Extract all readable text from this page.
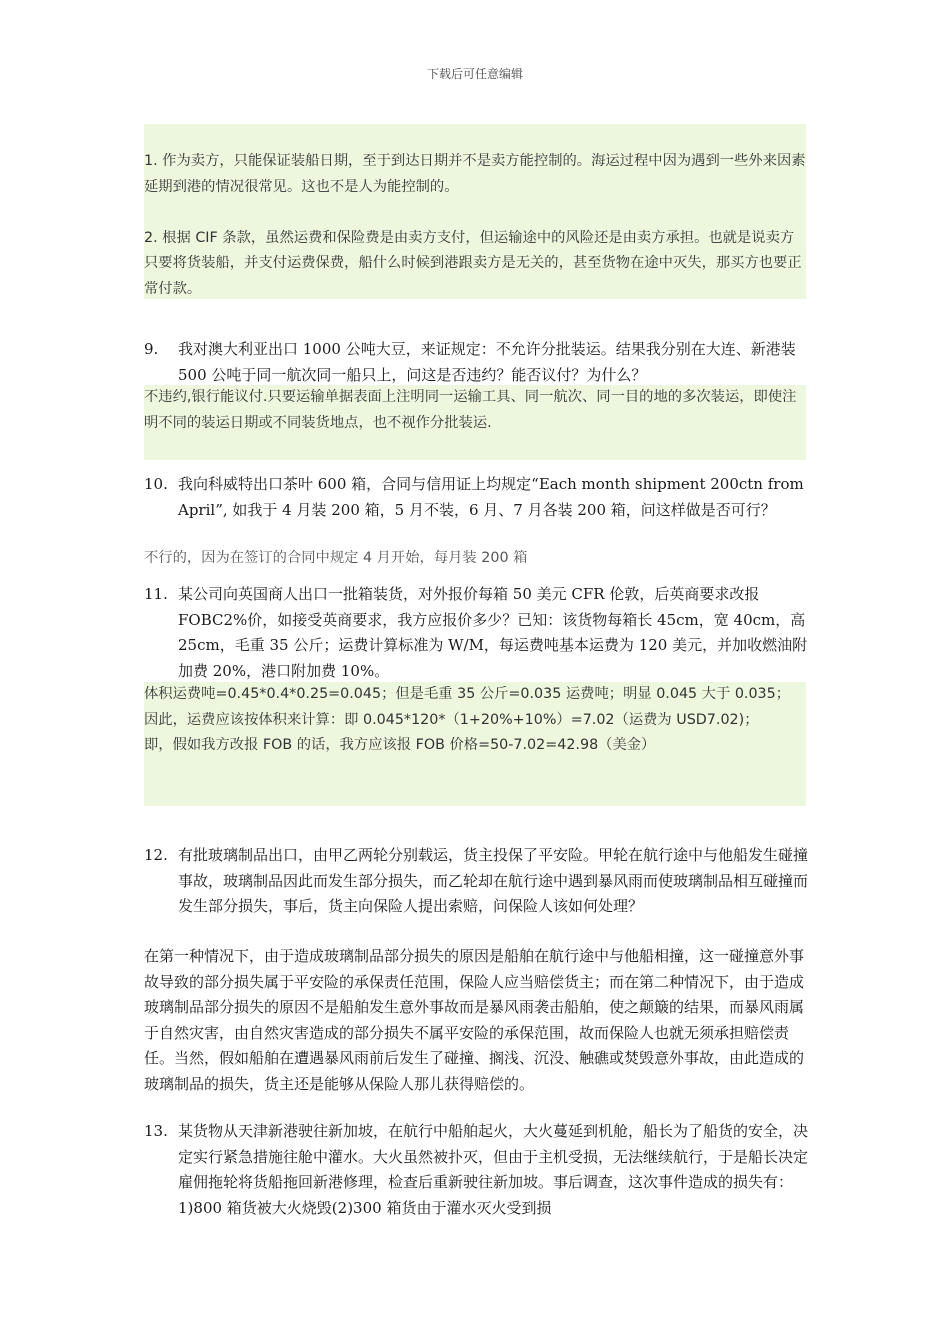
下载后可任意编辑

1. 作为卖方，只能保证装船日期，至于到达日期并不是卖方能控制的。海运过程中因为遇到一些外来因素延期到港的情况很常见。这也不是人为能控制的。

2. 根据 CIF 条款，虽然运费和保险费是由卖方支付，但运输途中的风险还是由卖方承担。也就是说卖方只要将货装船，并支付运费保费，船什么时候到港跟卖方是无关的，甚至货物在途中灭失，那买方也要正常付款。

9.	我对澳大利亚出口 1000 公吨大豆，来证规定：不允许分批装运。结果我分别在大连、新港装 500 公吨于同一航次同一船只上，问这是否违约？能否议付？为什么？

不违约,银行能议付.只要运输单据表面上注明同一运输工具、同一航次、同一目的地的多次装运，即使注明不同的装运日期或不同装货地点，也不视作分批装运.

10. 我向科威特出口茶叶 600 箱，合同与信用证上均规定“Each month shipment 200ctn from April”, 如我于 4 月装 200 箱，5 月不装，6 月、7 月各装 200 箱，问这样做是否可行？
不行的，因为在签订的合同中规定 4 月开始，每月装 200 箱
11. 某公司向英国商人出口一批箱装货，对外报价每箱 50 美元 CFR 伦敦，后英商要求改报 FOBC2%价，如接受英商要求，我方应报价多少？已知：该货物每箱长 45cm，宽 40cm，高 25cm，毛重 35 公斤；运费计算标准为 W/M，每运费吨基本运费为 120 美元，并加收燃油附加费 20%，港口附加费 10%。

体积运费吨=0.45*0.4*0.25=0.045；但是毛重 35 公斤=0.035 运费吨；明显 0.045 大于 0.035；

因此，运费应该按体积来计算：即 0.045*120*（1+20%+10%）=7.02（运费为 USD7.02)；

即，假如我方改报 FOB 的话，我方应该报 FOB 价格=50-7.02=42.98（美金）

12. 有批玻璃制品出口，由甲乙两轮分别载运，货主投保了平安险。甲轮在航行途中与他船发生碰撞事故，玻璃制品因此而发生部分损失，而乙轮却在航行途中遇到暴风雨而使玻璃制品相互碰撞而发生部分损失，事后，货主向保险人提出索赔，问保险人该如何处理？

在第一种情况下，由于造成玻璃制品部分损失的原因是船舶在航行途中与他船相撞，这一碰撞意外事故导致的部分损失属于平安险的承保责任范围，保险人应当赔偿货主；而在第二种情况下，由于造成玻璃制品部分损失的原因不是船舶发生意外事故而是暴风雨袭击船舶，使之颠簸的结果，而暴风雨属于自然灾害，由自然灾害造成的部分损失不属平安险的承保范围，故而保险人也就无须承担赔偿责任。当然，假如船舶在遭遇暴风雨前后发生了碰撞、搁浅、沉没、触礁或焚毁意外事故，由此造成的玻璃制品的损失，货主还是能够从保险人那儿获得赔偿的。

13. 某货物从天津新港驶往新加坡，在航行中船舶起火，大火蔓延到机舱，船长为了船货的安全，决定实行紧急措施往舱中灌水。大火虽然被扑灭，但由于主机受损，无法继续航行，于是船长决定雇佣拖轮将货船拖回新港修理，检查后重新驶往新加坡。事后调查，这次事件造成的损失有：1)800 箱货被大火烧毁(2)300 箱货由于灌水灭火受到损
